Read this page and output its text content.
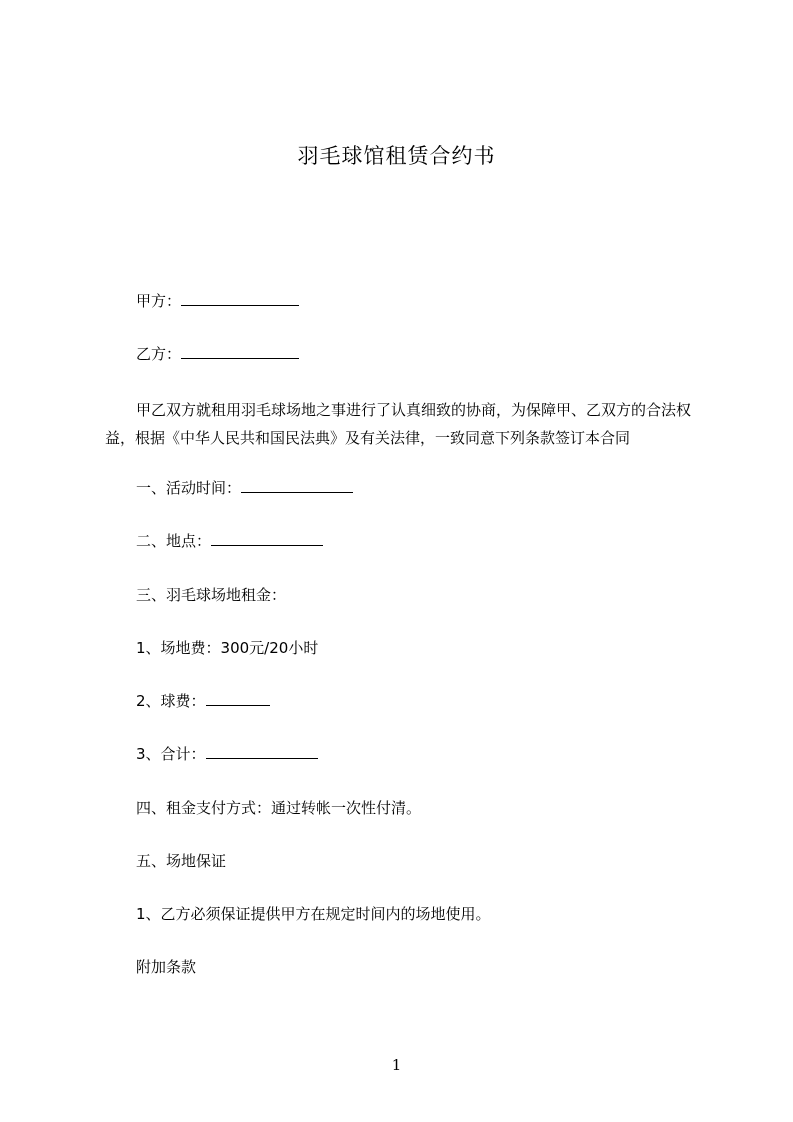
羽毛球馆租赁合约书
甲方：
乙方：
甲乙双方就租用羽毛球场地之事进行了认真细致的协商，为保障甲、乙双方的合法权益，根据《中华人民共和国民法典》及有关法律，一致同意下列条款签订本合同
一、活动时间：
二、地点：
三、羽毛球场地租金：
1、场地费：300元/20小时
2、球费：
3、合计：
四、租金支付方式：通过转帐一次性付清。
五、场地保证
1、乙方必须保证提供甲方在规定时间内的场地使用。
附加条款
1
